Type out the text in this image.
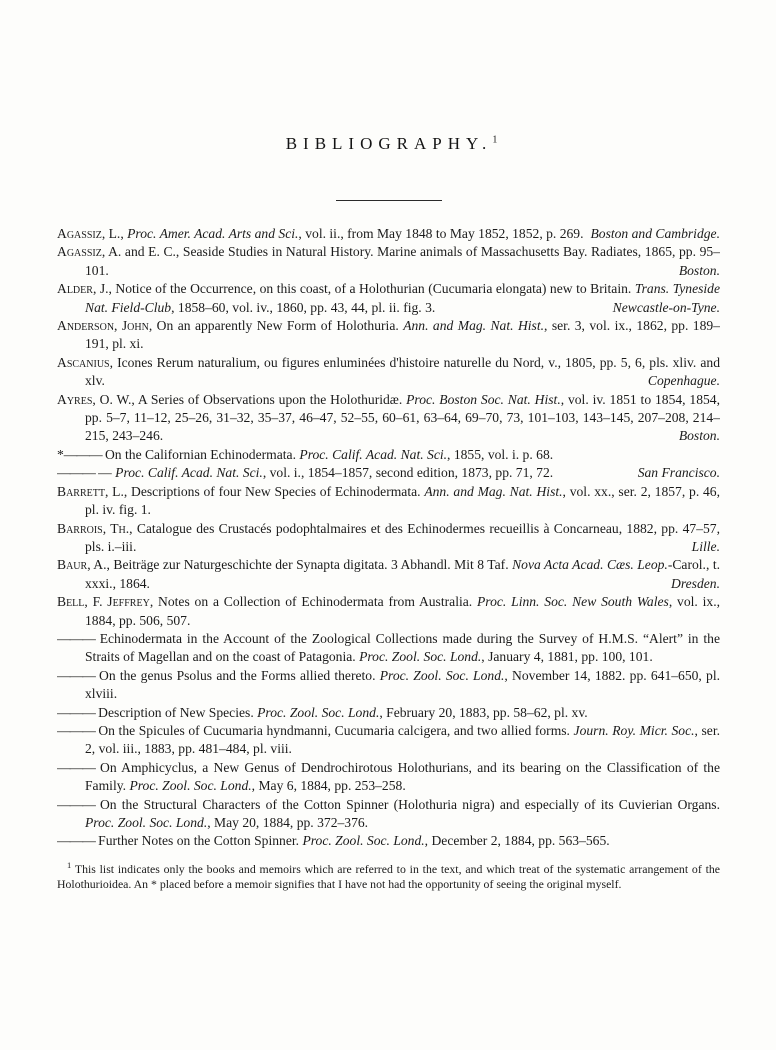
BIBLIOGRAPHY.$^1$

Agassiz, L., Proc. Amer. Acad. Arts and Sci., vol. ii., from May 1848 to May 1852, 1852, p. 269. Boston and Cambridge.

Agassiz, A. and E. C., Seaside Studies in Natural History. Marine animals of Massachusetts Bay. Radiates, 1865, pp. 95–101.	Boston.

Alder, J., Notice of the Occurrence, on this coast, of a Holothurian (Cucumaria elongata) new to Britain. Trans. Tyneside Nat. Field-Club, 1858–60, vol. iv., 1860, pp. 43, 44, pl. ii. fig. 3.	Newcastle-on-Tyne.

Anderson, John, On an apparently New Form of Holothuria. Ann. and Mag. Nat. Hist., ser. 3, vol. ix., 1862, pp. 189–191, pl. xi.

Ascanius, Icones Rerum naturalium, ou figures enluminées d'histoire naturelle du Nord, v., 1805, pp. 5, 6, pls. xliv. and xlv.	Copenhague.

Ayres, O. W., A Series of Observations upon the Holothuridæ. Proc. Boston Soc. Nat. Hist., vol. iv. 1851 to 1854, 1854, pp. 5–7, 11–12, 25–26, 31–32, 35–37, 46–47, 52–55, 60–61, 63–64, 69–70, 73, 101–103, 143–145, 207–208, 214–215, 243–246.	Boston.

*——— On the Californian Echinodermata. Proc. Calif. Acad. Nat. Sci., 1855, vol. i. p. 68.

——— — Proc. Calif. Acad. Nat. Sci., vol. i., 1854–1857, second edition, 1873, pp. 71, 72.	San Francisco.

Barrett, L., Descriptions of four New Species of Echinodermata. Ann. and Mag. Nat. Hist., vol. xx., ser. 2, 1857, p. 46, pl. iv. fig. 1.

Barrois, Th., Catalogue des Crustacés podophtalmaires et des Echinodermes recueillis à Concarneau, 1882, pp. 47–57, pls. i.–iii.	Lille.

Baur, A., Beiträge zur Naturgeschichte der Synapta digitata. 3 Abhandl. Mit 8 Taf. Nova Acta Acad. Cæs. Leop.-Carol., t. xxxi., 1864.	Dresden.

Bell, F. Jeffrey, Notes on a Collection of Echinodermata from Australia. Proc. Linn. Soc. New South Wales, vol. ix., 1884, pp. 506, 507.

——— Echinodermata in the Account of the Zoological Collections made during the Survey of H.M.S. “Alert” in the Straits of Magellan and on the coast of Patagonia. Proc. Zool. Soc. Lond., January 4, 1881, pp. 100, 101.

——— On the genus Psolus and the Forms allied thereto. Proc. Zool. Soc. Lond., November 14, 1882. pp. 641–650, pl. xlviii.

——— Description of New Species. Proc. Zool. Soc. Lond., February 20, 1883, pp. 58–62, pl. xv.

——— On the Spicules of Cucumaria hyndmanni, Cucumaria calcigera, and two allied forms. Journ. Roy. Micr. Soc., ser. 2, vol. iii., 1883, pp. 481–484, pl. viii.

——— On Amphicyclus, a New Genus of Dendrochirotous Holothurians, and its bearing on the Classification of the Family. Proc. Zool. Soc. Lond., May 6, 1884, pp. 253–258.

——— On the Structural Characters of the Cotton Spinner (Holothuria nigra) and especially of its Cuvierian Organs. Proc. Zool. Soc. Lond., May 20, 1884, pp. 372–376.

——— Further Notes on the Cotton Spinner. Proc. Zool. Soc. Lond., December 2, 1884, pp. 563–565.

$^1$ This list indicates only the books and memoirs which are referred to in the text, and which treat of the systematic arrangement of the Holothurioidea. An * placed before a memoir signifies that I have not had the opportunity of seeing the original myself.
